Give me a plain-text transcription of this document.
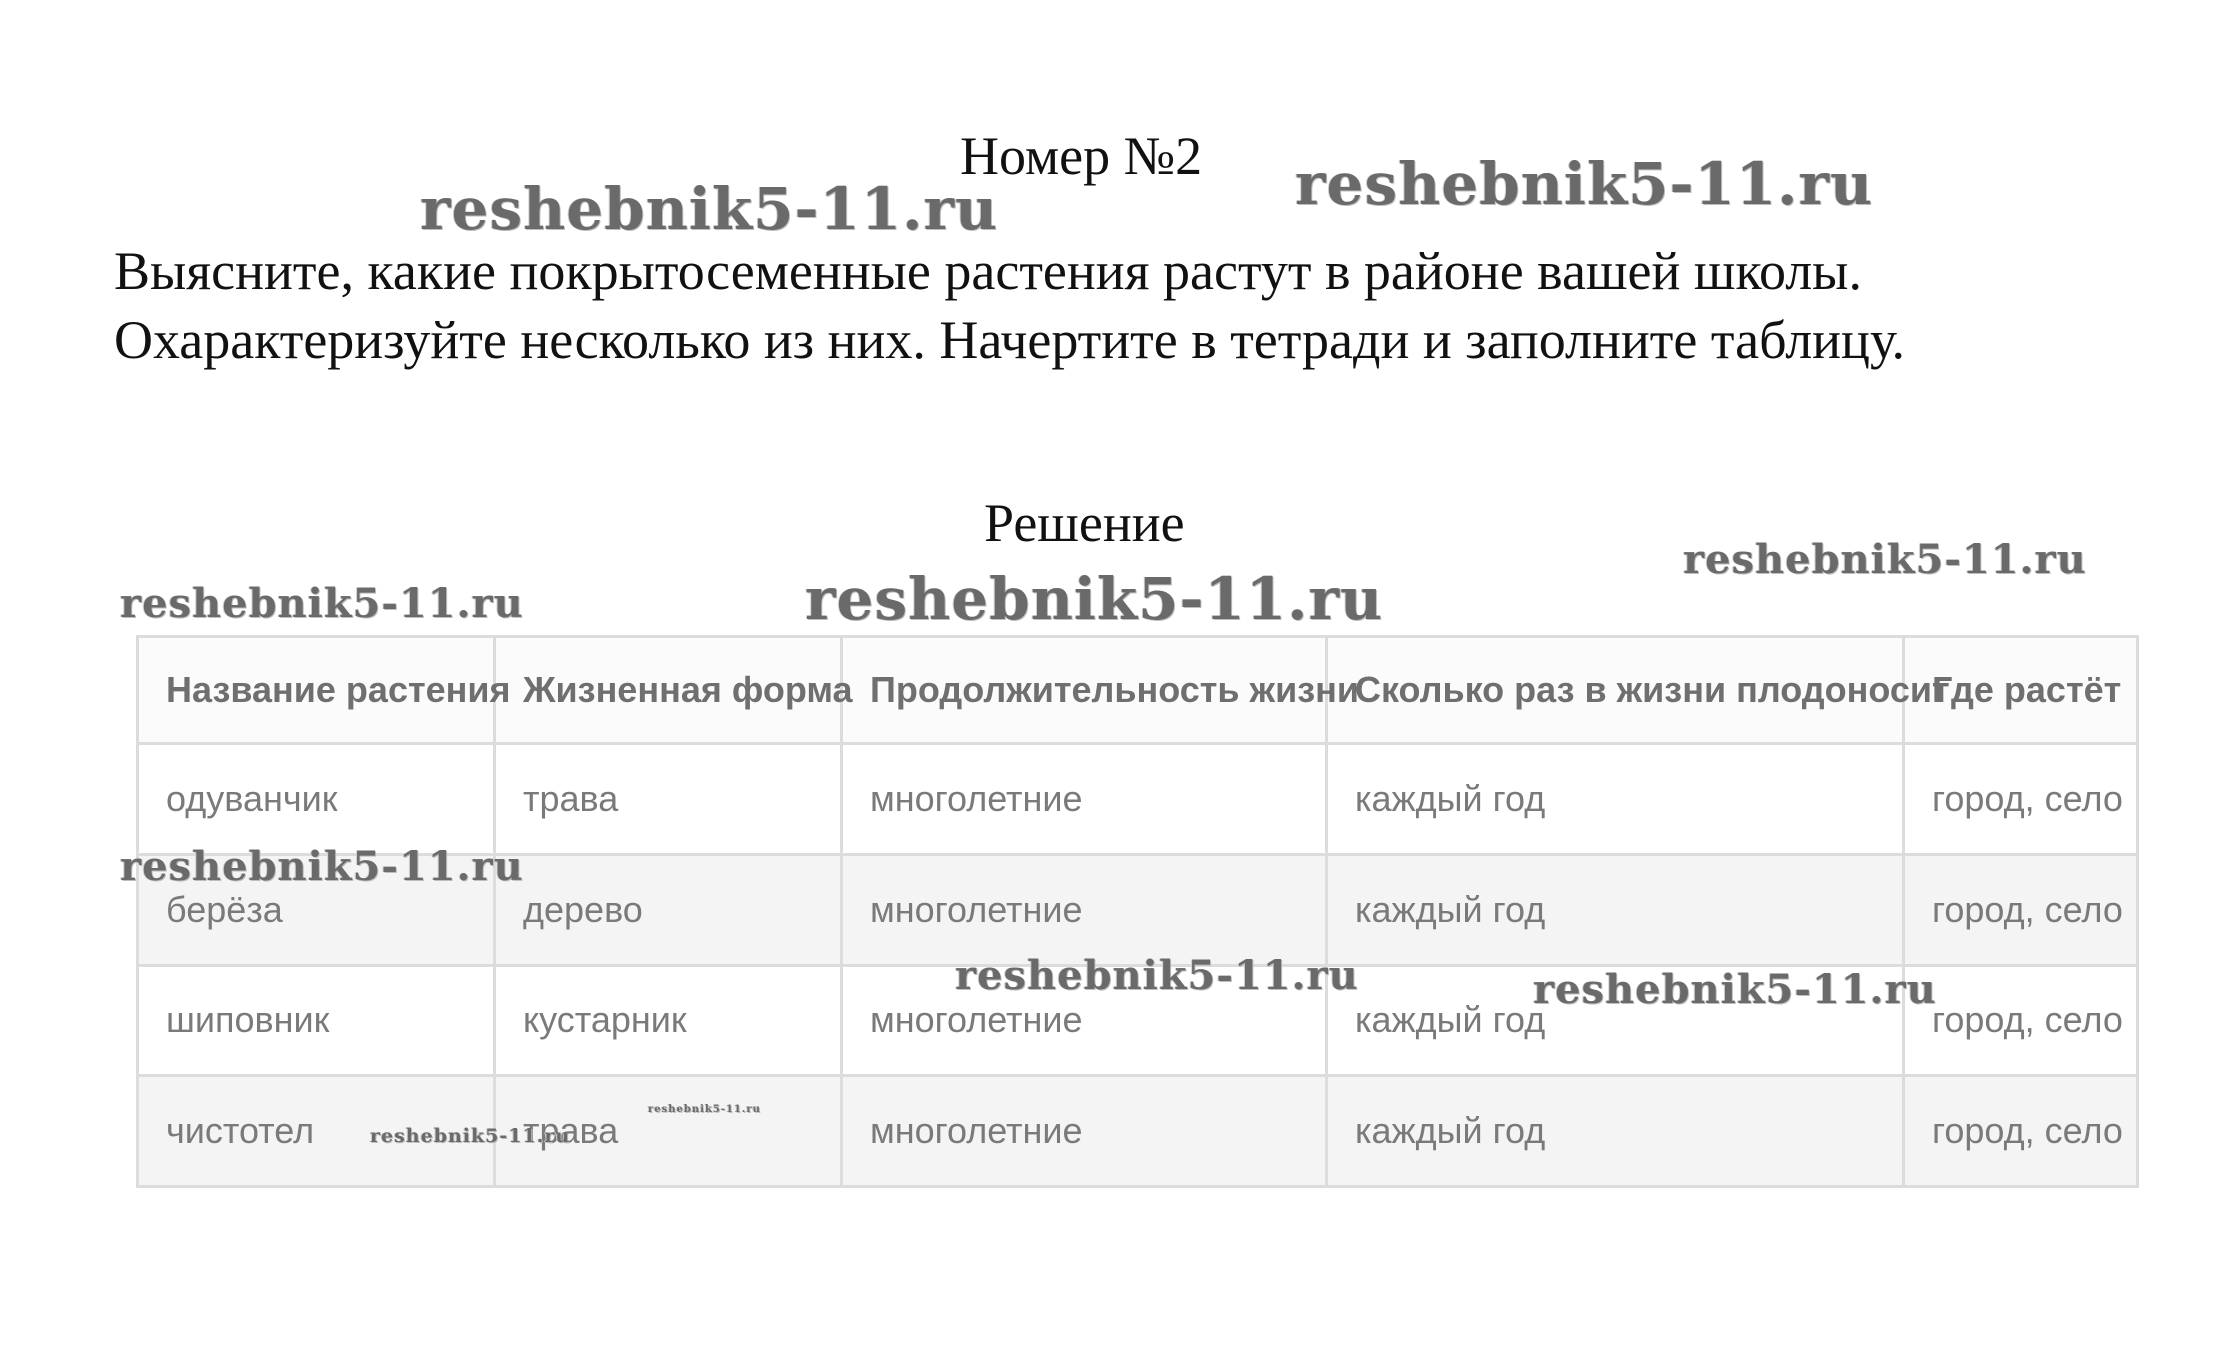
Номер №2

Выясните, какие покрытосеменные растения растут в районе вашей школы. Охарактеризуйте несколько из них. Начертите в тетради и заполните таблицу.

Решение
Название растения	Жизненная форма	Продолжительность жизни	Сколько раз в жизни плодоносит	Где растёт
одуванчик	трава	многолетние	каждый год	город, село
берёза	дерево	многолетние	каждый год	город, село
шиповник	кустарник	многолетние	каждый год	город, село
чистотел	трава	многолетние	каждый год	город, село
reshebnik5-11.ru	reshebnik5-11.ru
reshebnik5-11.ru
reshebnik5-11.ru
reshebnik5-11.ru
reshebnik5-11.ru
reshebnik5-11.ru	reshebnik5-11.ru
reshebnik5-11.ru
reshebnik5-11.ru
